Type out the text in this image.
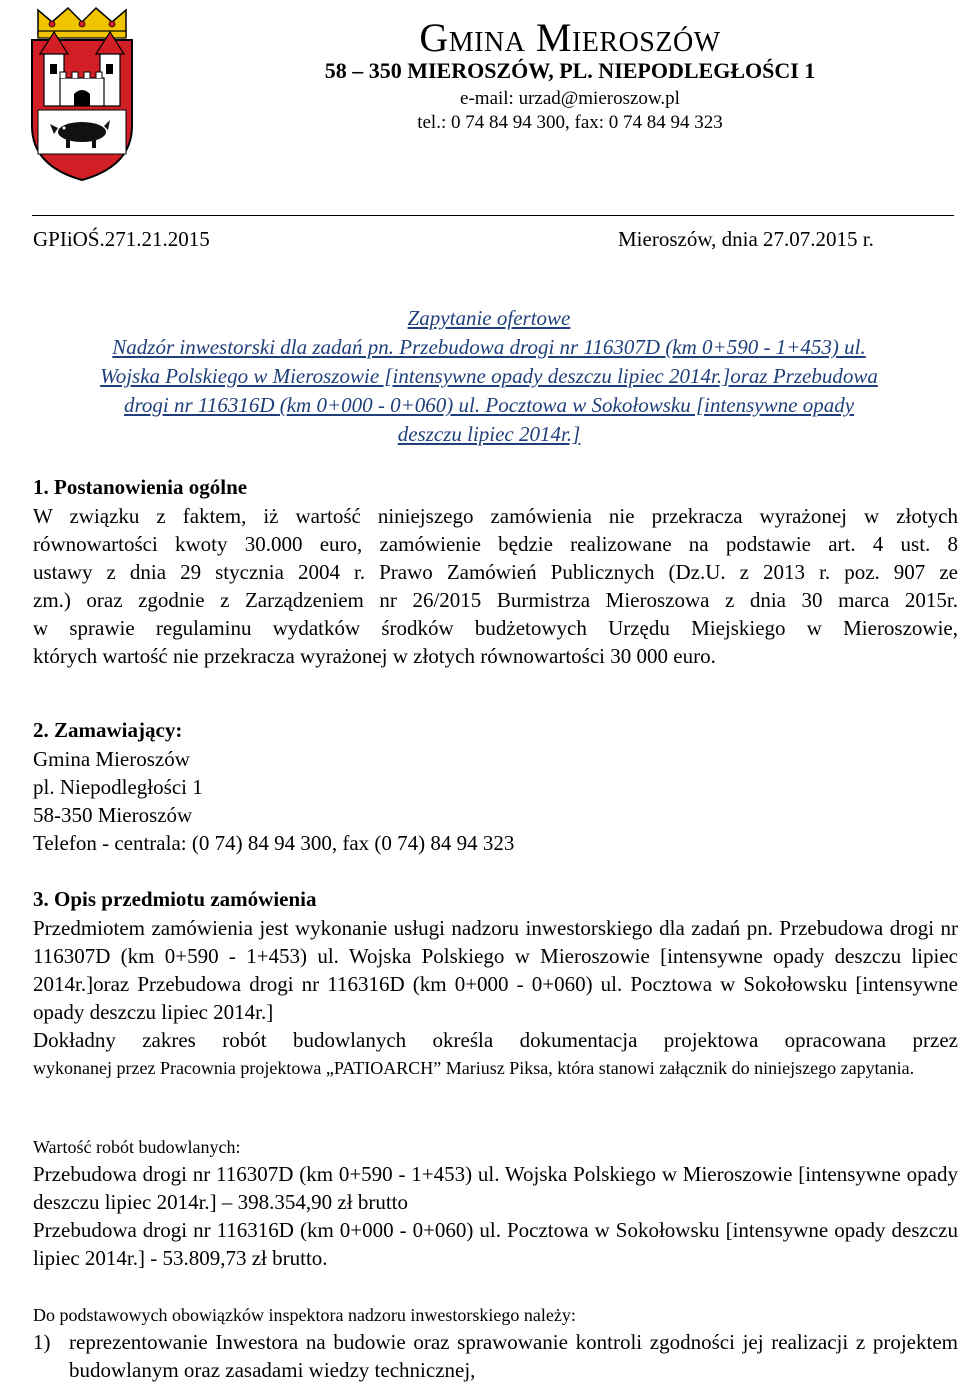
Gmina Mieroszów
58 – 350 MIEROSZÓW, PL. NIEPODLEGŁOŚCI 1
e-mail: urzad@mieroszow.pl
tel.: 0 74 84 94 300, fax: 0 74 84 94 323
GPIiOŚ.271.21.2015	Mieroszów, dnia 27.07.2015 r.
Zapytanie ofertowe
Nadzór inwestorski dla zadań pn. Przebudowa drogi nr 116307D (km 0+590 - 1+453) ul.
Wojska Polskiego w Mieroszowie [intensywne opady deszczu lipiec 2014r.]oraz Przebudowa
drogi nr 116316D (km 0+000 - 0+060) ul. Pocztowa w Sokołowsku [intensywne opady
deszczu lipiec 2014r.]
1. Postanowienia ogólne
W związku z faktem, iż wartość niniejszego zamówienia nie przekracza wyrażonej w złotych
równowartości kwoty 30.000 euro, zamówienie będzie realizowane na podstawie art. 4 ust. 8
ustawy z dnia 29 stycznia 2004 r. Prawo Zamówień Publicznych (Dz.U. z 2013 r. poz. 907 ze
zm.) oraz zgodnie z Zarządzeniem nr 26/2015 Burmistrza Mieroszowa z dnia 30 marca 2015r.
w sprawie regulaminu wydatków środków budżetowych Urzędu Miejskiego w Mieroszowie,
których wartość nie przekracza wyrażonej w złotych równowartości 30 000 euro.
2. Zamawiający:
Gmina Mieroszów
pl. Niepodległości 1
58-350 Mieroszów
Telefon - centrala: (0 74) 84 94 300, fax (0 74) 84 94 323
3. Opis przedmiotu zamówienia
Przedmiotem zamówienia jest wykonanie usługi nadzoru inwestorskiego dla zadań pn. Przebudowa drogi nr 116307D (km 0+590 - 1+453) ul. Wojska Polskiego w Mieroszowie [intensywne opady deszczu lipiec 2014r.]oraz Przebudowa drogi nr 116316D (km 0+000 - 0+060) ul. Pocztowa w Sokołowsku [intensywne opady deszczu lipiec 2014r.]
Dokładny zakres robót budowlanych określa dokumentacja projektowa opracowana przez
wykonanej przez Pracownia projektowa „PATIOARCH” Mariusz Piksa, która stanowi załącznik do niniejszego zapytania.
Wartość robót budowlanych:
Przebudowa drogi nr 116307D (km 0+590 - 1+453) ul. Wojska Polskiego w Mieroszowie [intensywne opady deszczu lipiec 2014r.] – 398.354,90 zł brutto
Przebudowa drogi nr 116316D (km 0+000 - 0+060) ul. Pocztowa w Sokołowsku [intensywne opady deszczu lipiec 2014r.] - 53.809,73 zł brutto.
Do podstawowych obowiązków inspektora nadzoru inwestorskiego należy:
1) reprezentowanie Inwestora na budowie oraz sprawowanie kontroli zgodności jej realizacji z projektem budowlanym oraz zasadami wiedzy technicznej,
